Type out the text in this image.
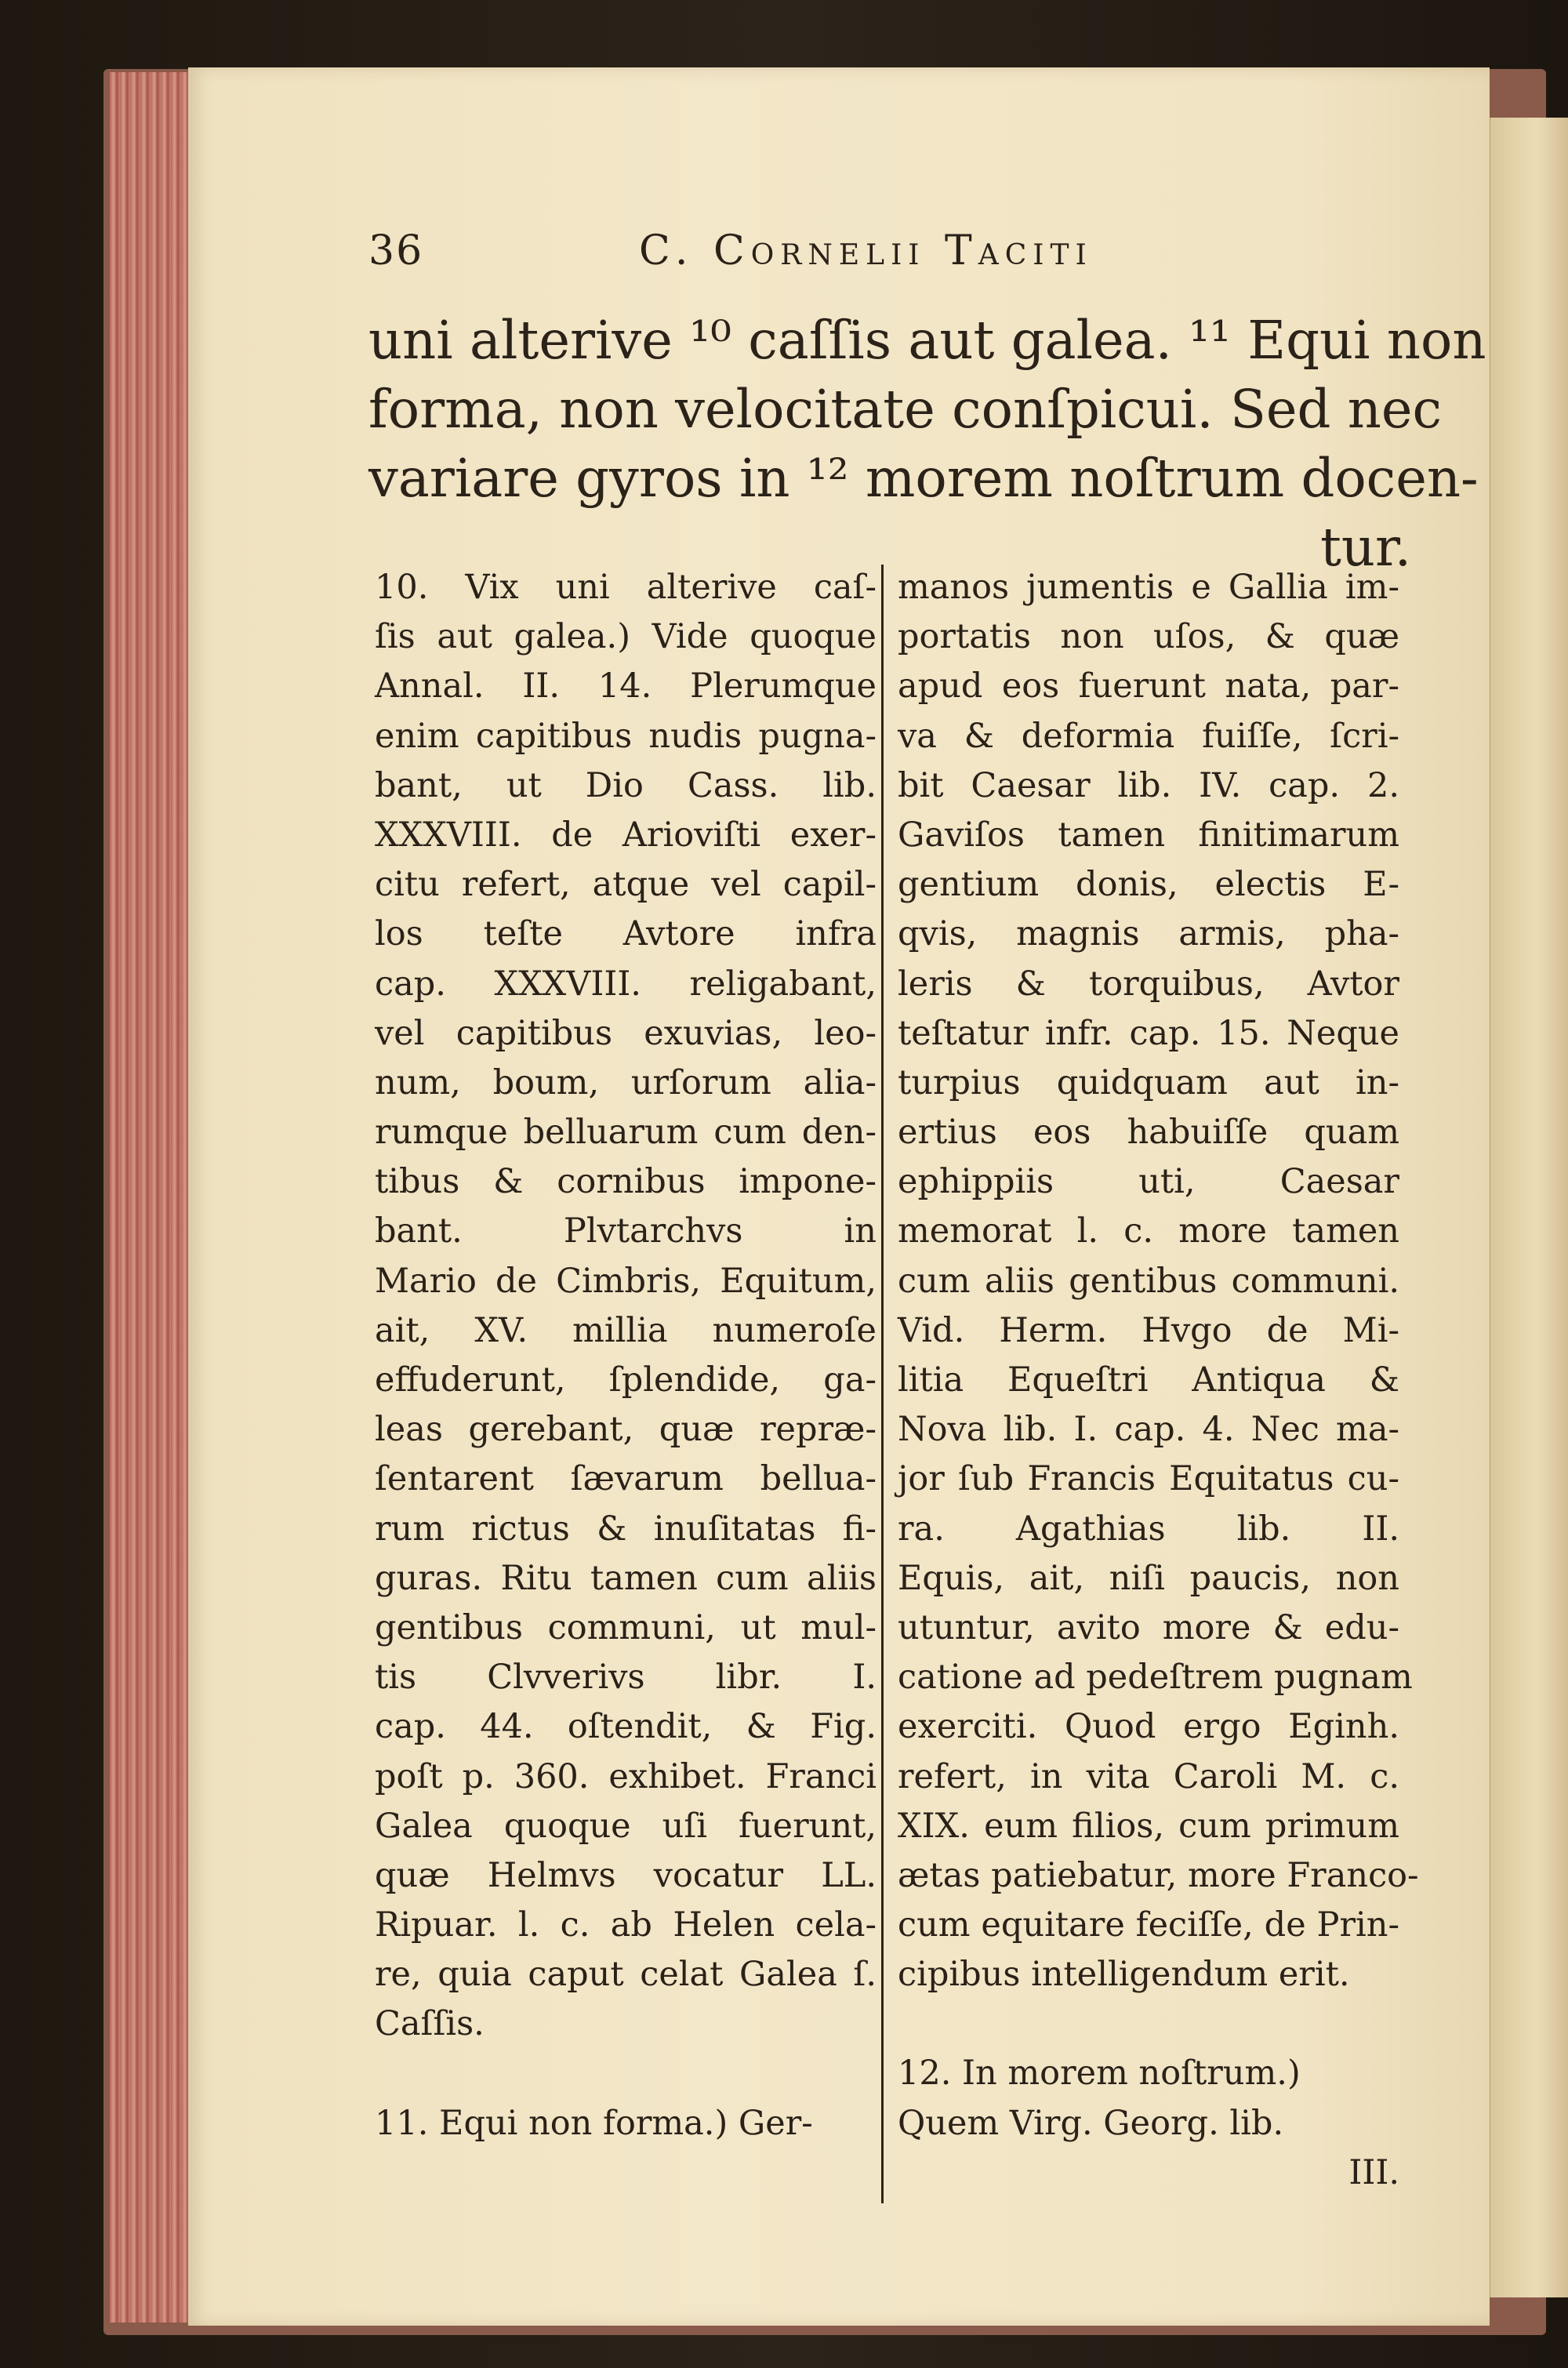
36	C. Cornelii Taciti
uni alterive ¹⁰ caſſis aut galea. ¹¹ Equi non
forma, non velocitate conſpicui. Sed nec
variare gyros in ¹² morem noſtrum docen-
tur.
10. Vix uni alterive caſ-
ſis aut galea.) Vide quoque
Annal. II. 14. Plerumque
enim capitibus nudis pugna-
bant, ut Dio Cass. lib.
XXXVIII. de Arioviſti exer-
citu refert, atque vel capil-
los teſte Avtore infra
cap. XXXVIII. religabant,
vel capitibus exuvias, leo-
num, boum, urſorum alia-
rumque belluarum cum den-
tibus & cornibus impone-
bant. Plvtarchvs in
Mario de Cimbris, Equitum,
ait, XV. millia numeroſe
effuderunt, ſplendide, ga-
leas gerebant, quæ repræ-
ſentarent ſævarum bellua-
rum rictus & inuſitatas fi-
guras. Ritu tamen cum aliis
gentibus communi, ut mul-
tis Clvverivs libr. I.
cap. 44. oſtendit, & Fig.
poſt p. 360. exhibet. Franci
Galea quoque uſi fuerunt,
quæ Helmvs vocatur LL.
Ripuar. l. c. ab Helen cela-
re, quia caput celat Galea ſ.
Caſſis.
11. Equi non forma.) Ger-
manos jumentis e Gallia im-
portatis non uſos, & quæ
apud eos fuerunt nata, par-
va & deformia fuiſſe, ſcri-
bit Caesar lib. IV. cap. 2.
Gaviſos tamen finitimarum
gentium donis, electis E-
qvis, magnis armis, pha-
leris & torquibus, Avtor
teſtatur infr. cap. 15. Neque
turpius quidquam aut in-
ertius eos habuiſſe quam
ephippiis uti, Caesar
memorat l. c. more tamen
cum aliis gentibus communi.
Vid. Herm. Hvgo de Mi-
litia Equeſtri Antiqua &
Nova lib. I. cap. 4. Nec ma-
jor ſub Francis Equitatus cu-
ra. Agathias lib. II.
Equis, ait, niſi paucis, non
utuntur, avito more & edu-
catione ad pedeſtrem pugnam
exerciti. Quod ergo Eginh.
refert, in vita Caroli M. c.
XIX. eum filios, cum primum
ætas patiebatur, more Franco-
cum equitare feciſſe, de Prin-
cipibus intelligendum erit.
12. In morem noſtrum.)
Quem Virg. Georg. lib.
III.
